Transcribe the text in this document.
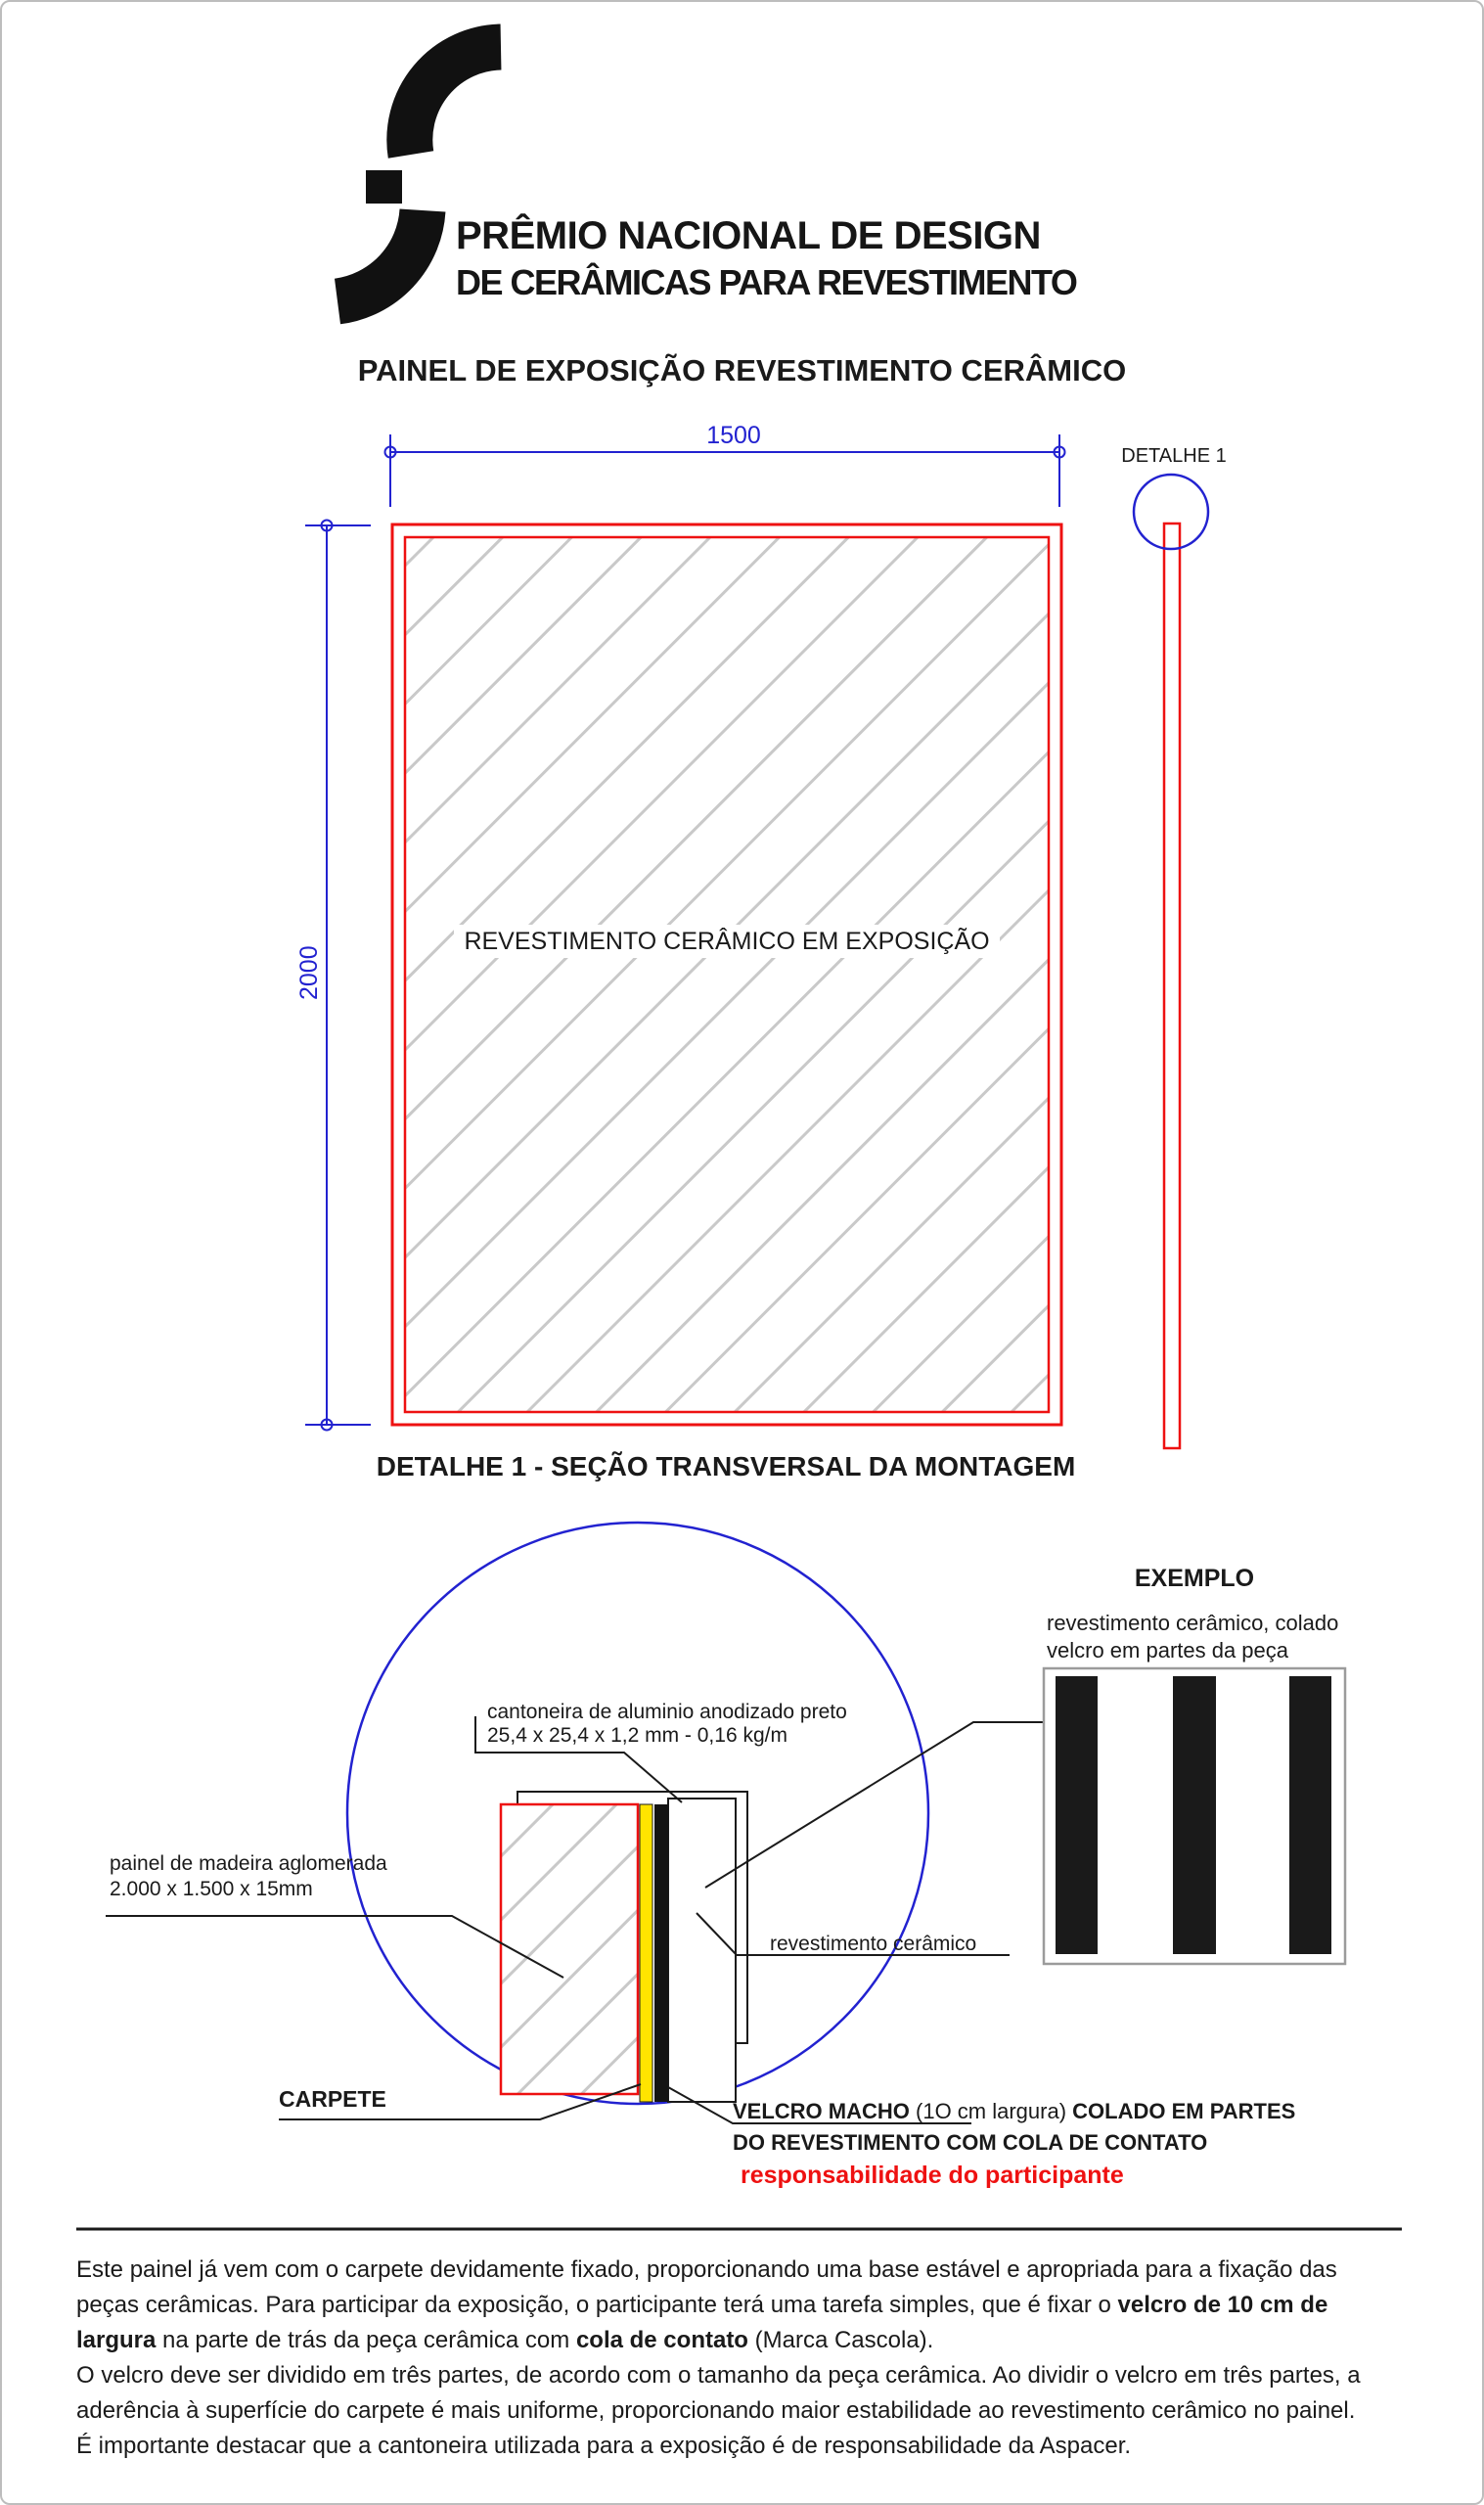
PRÊMIO NACIONAL DE DESIGN
DE CERÂMICAS PARA REVESTIMENTO
PAINEL DE EXPOSIÇÃO REVESTIMENTO CERÂMICO
1500
2000
REVESTIMENTO CERÂMICO EM EXPOSIÇÃO
DETALHE 1
DETALHE 1 - SEÇÃO TRANSVERSAL DA MONTAGEM
cantoneira de aluminio anodizado preto
25,4 x 25,4 x 1,2 mm - 0,16 kg/m
painel de madeira aglomerada
2.000 x 1.500 x 15mm
revestimento cerâmico
CARPETE	VELCRO MACHO (1O cm largura) COLADO EM PARTES
DO REVESTIMENTO COM COLA DE CONTATO
responsabilidade do participante
EXEMPLO
revestimento cerâmico, colado
velcro em partes da peça
Este painel já vem com o carpete devidamente fixado, proporcionando uma base estável e apropriada para a fixação das
peças cerâmicas. Para participar da exposição, o participante terá uma tarefa simples, que é fixar o velcro de 10 cm de
largura na parte de trás da peça cerâmica com cola de contato (Marca Cascola).
O velcro deve ser dividido em três partes, de acordo com o tamanho da peça cerâmica. Ao dividir o velcro em três partes, a
aderência à superfície do carpete é mais uniforme, proporcionando maior estabilidade ao revestimento cerâmico no painel.
É importante destacar que a cantoneira utilizada para a exposição é de responsabilidade da Aspacer.
